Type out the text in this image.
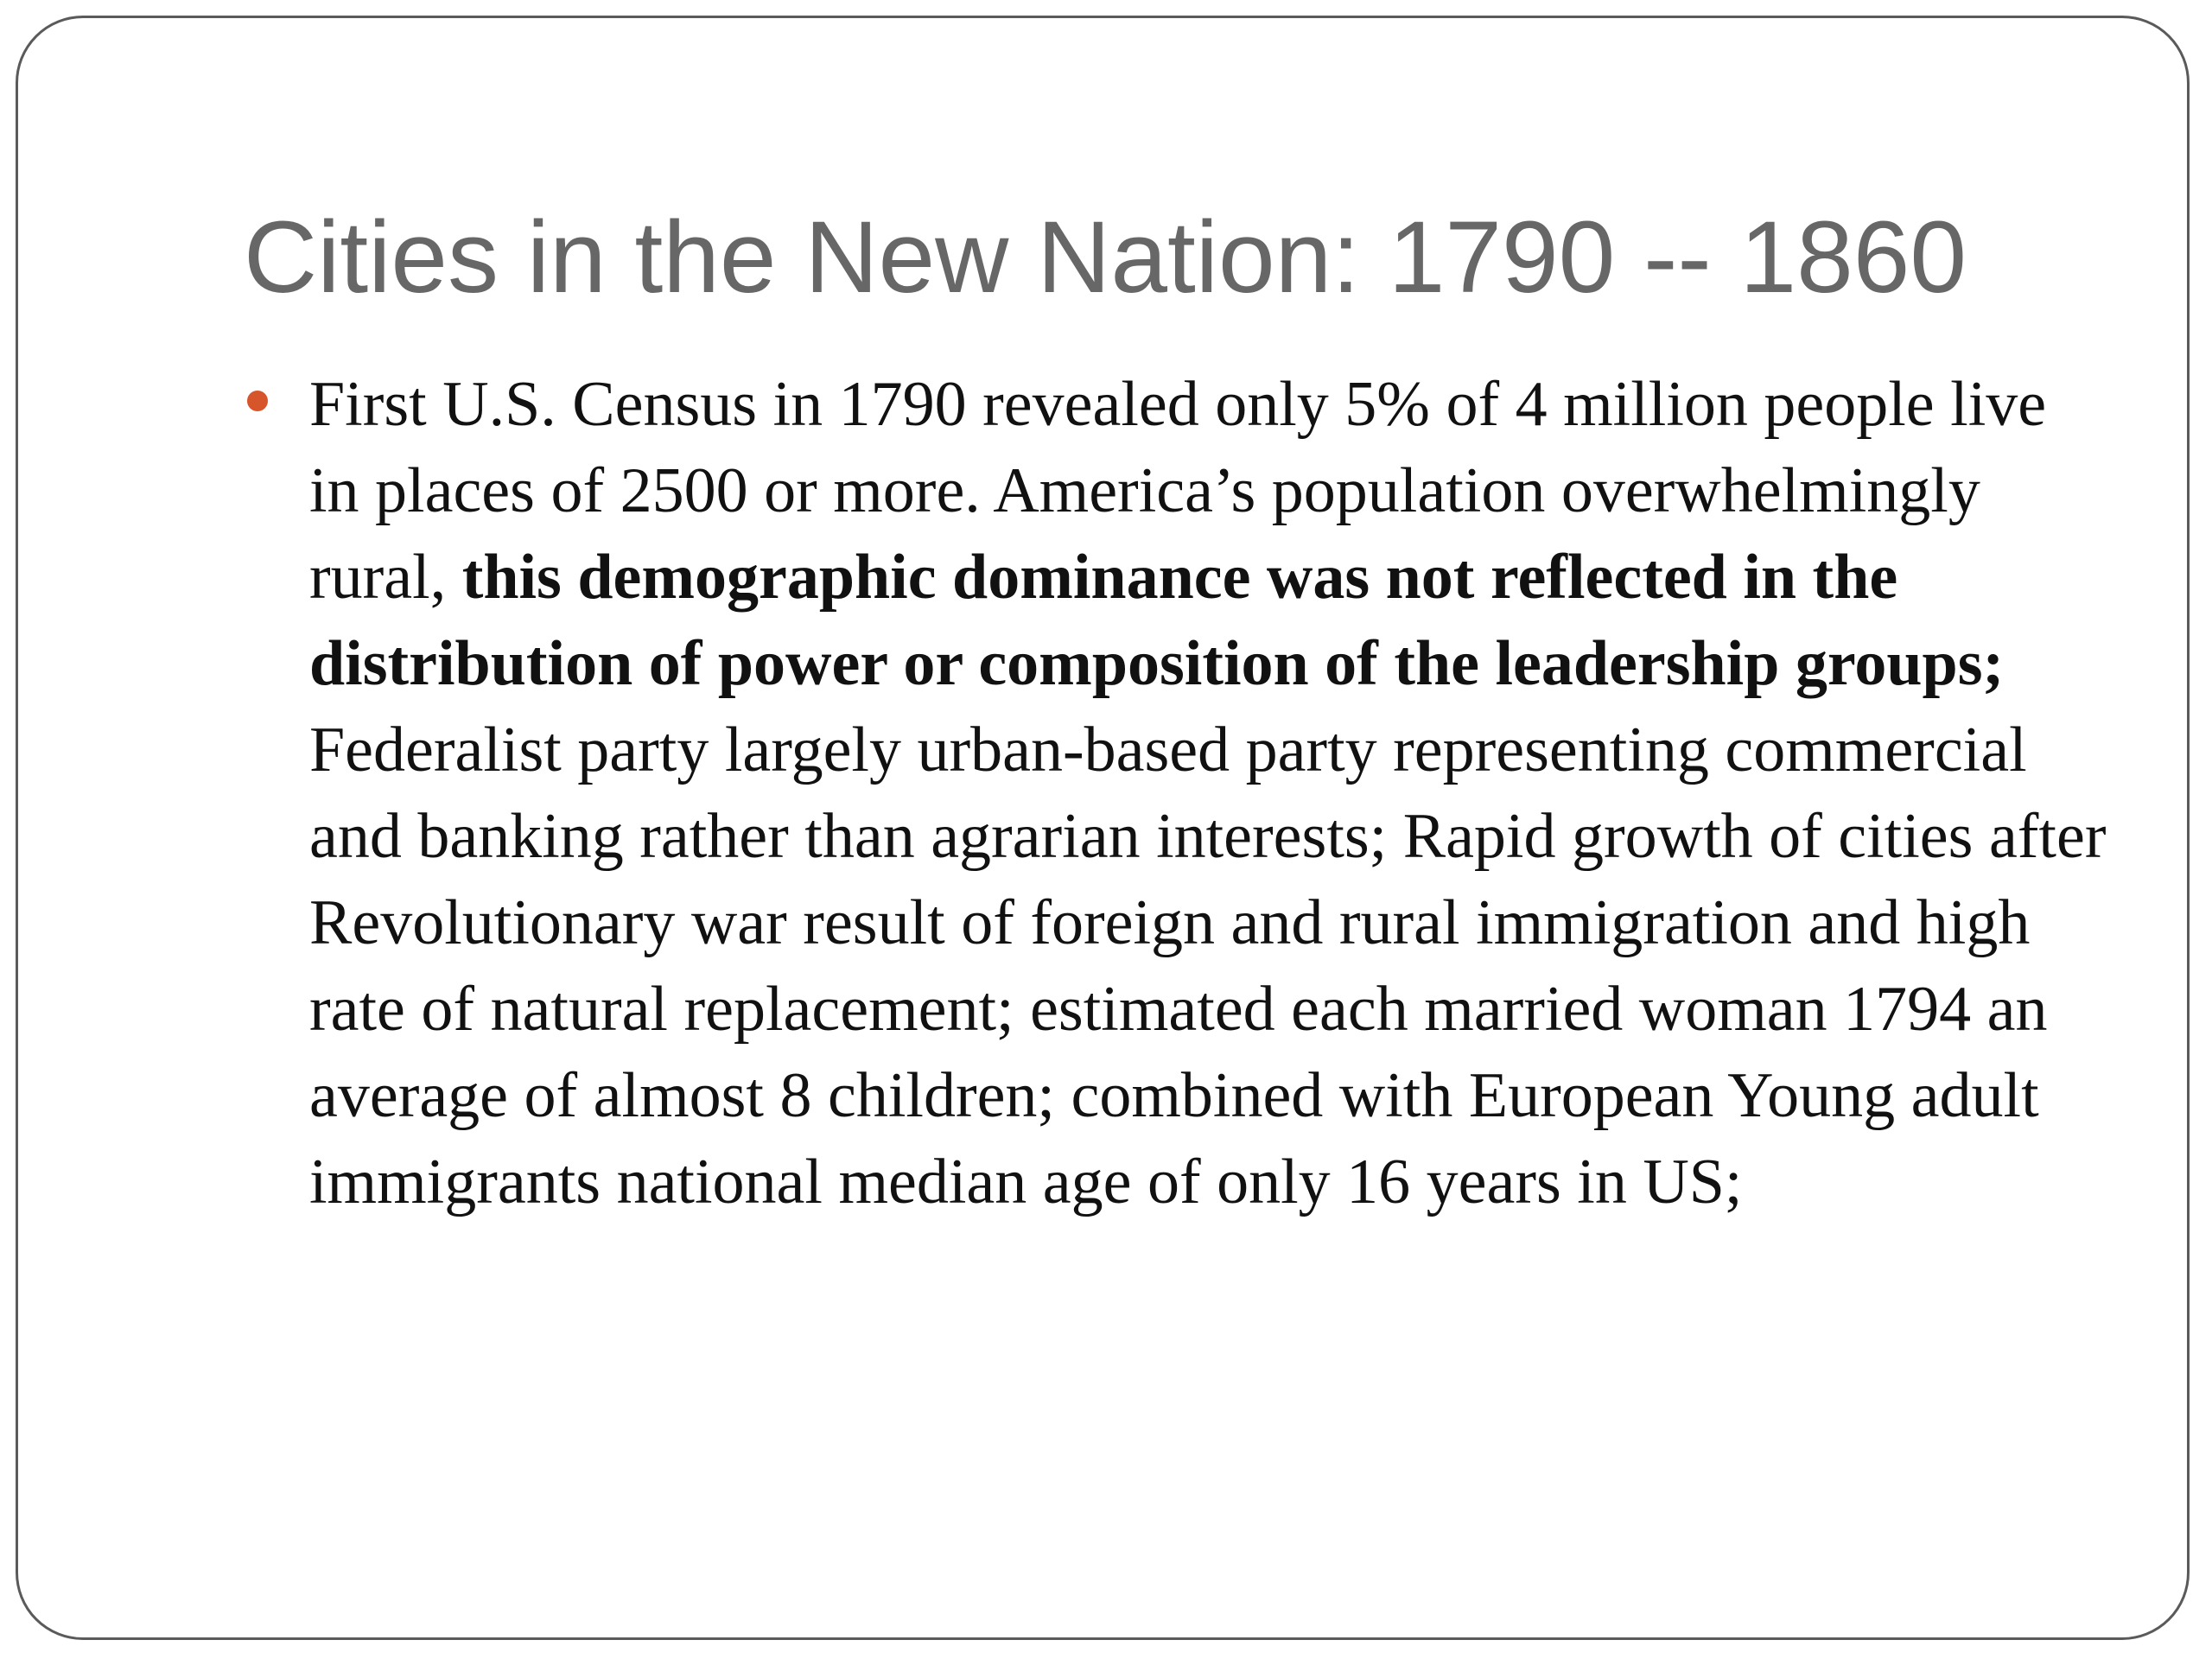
Cities in the New Nation: 1790 -- 1860
First U.S. Census in 1790 revealed only 5% of 4 million people live in places of 2500 or more. America’s population overwhelmingly rural, this demographic dominance was not reflected in the distribution of power or composition of the leadership groups; Federalist party largely urban-based party representing commercial and banking rather than agrarian interests; Rapid growth of cities after Revolutionary war result of foreign and rural immigration and high rate of natural replacement; estimated each married woman 1794 an average of almost 8 children; combined with European Young adult immigrants national median age of only 16 years in US;
